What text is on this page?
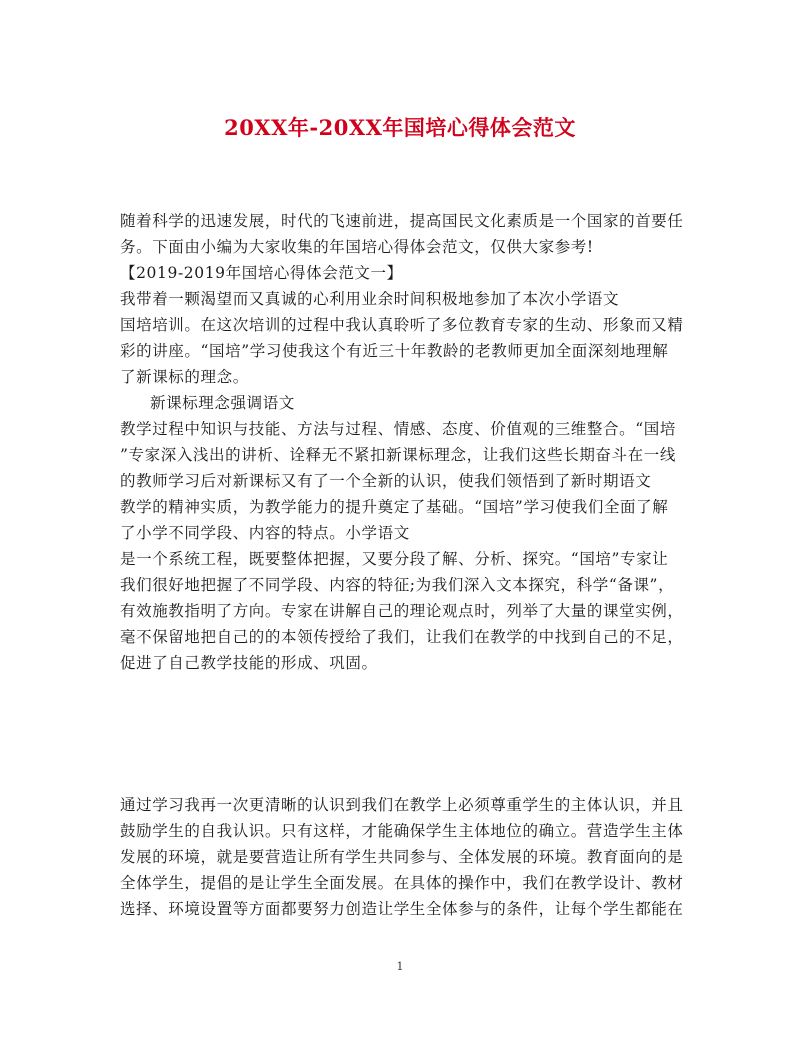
20XX年-20XX年国培心得体会范文
随着科学的迅速发展，时代的飞速前进，提高国民文化素质是一个国家的首要任
务。下面由小编为大家收集的年国培心得体会范文，仅供大家参考!
【2019-2019年国培心得体会范文一】
我带着一颗渴望而又真诚的心利用业余时间积极地参加了本次小学语文
国培培训。在这次培训的过程中我认真聆听了多位教育专家的生动、形象而又精
彩的讲座。“国培”学习使我这个有近三十年教龄的老教师更加全面深刻地理解
了新课标的理念。
新课标理念强调语文
教学过程中知识与技能、方法与过程、情感、态度、价值观的三维整合。“国培
”专家深入浅出的讲析、诠释无不紧扣新课标理念，让我们这些长期奋斗在一线
的教师学习后对新课标又有了一个全新的认识，使我们领悟到了新时期语文
教学的精神实质，为教学能力的提升奠定了基础。“国培”学习使我们全面了解
了小学不同学段、内容的特点。小学语文
是一个系统工程，既要整体把握，又要分段了解、分析、探究。“国培”专家让
我们很好地把握了不同学段、内容的特征;为我们深入文本探究，科学“备课”，
有效施教指明了方向。专家在讲解自己的理论观点时，列举了大量的课堂实例，
毫不保留地把自己的的本领传授给了我们，让我们在教学的中找到自己的不足，
促进了自己教学技能的形成、巩固。
通过学习我再一次更清晰的认识到我们在教学上必须尊重学生的主体认识，并且
鼓励学生的自我认识。只有这样，才能确保学生主体地位的确立。营造学生主体
发展的环境，就是要营造让所有学生共同参与、全体发展的环境。教育面向的是
全体学生，提倡的是让学生全面发展。在具体的操作中，我们在教学设计、教材
选择、环境设置等方面都要努力创造让学生全体参与的条件，让每个学生都能在
1
